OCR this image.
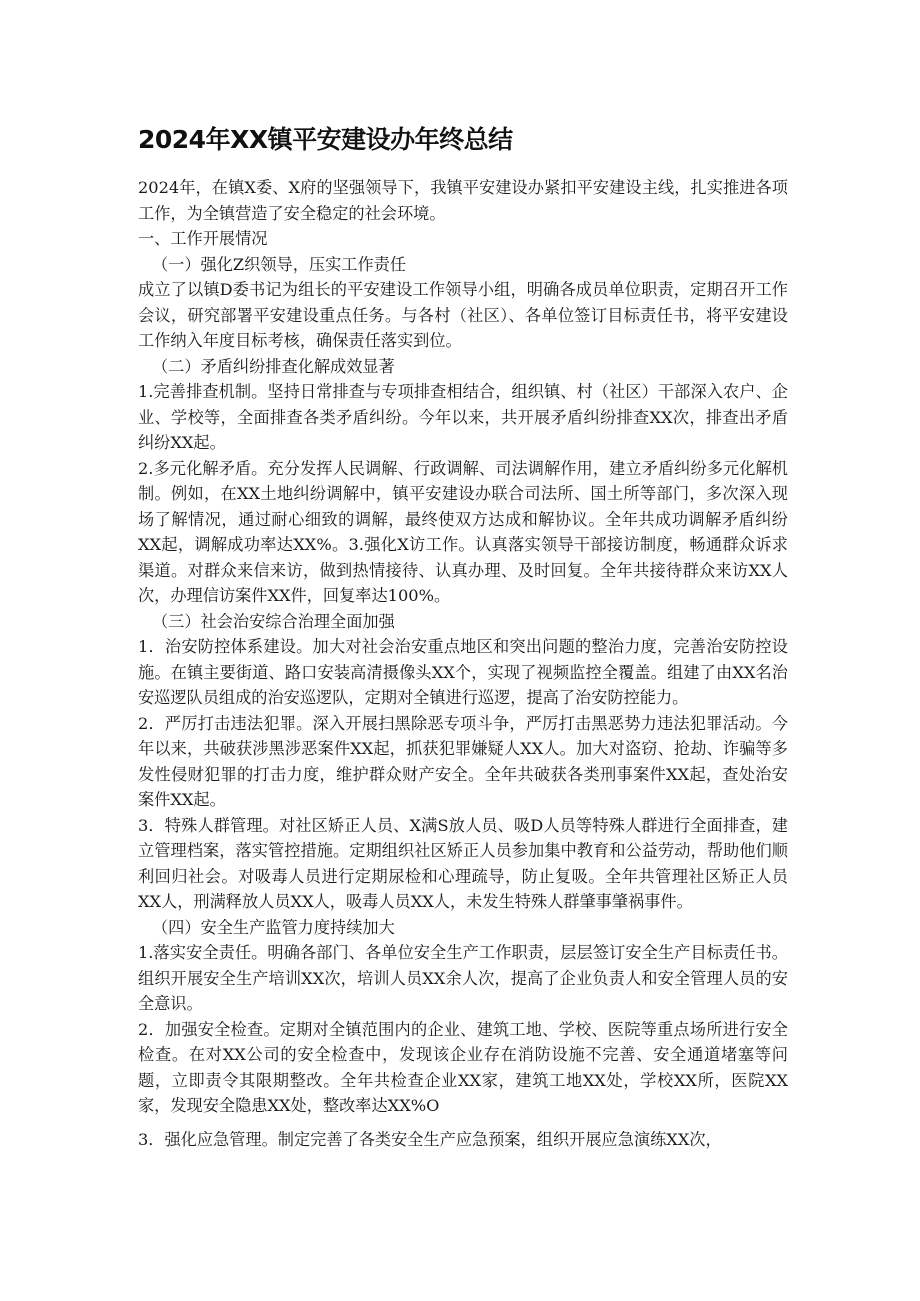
2024年XX镇平安建设办年终总结

2024年，在镇X委、X府的坚强领导下，我镇平安建设办紧扣平安建设主线，扎实推进各项工作，为全镇营造了安全稳定的社会环境。

一、工作开展情况

（一）强化Z织领导，压实工作责任

成立了以镇D委书记为组长的平安建设工作领导小组，明确各成员单位职责，定期召开工作会议，研究部署平安建设重点任务。与各村（社区）、各单位签订目标责任书，将平安建设工作纳入年度目标考核，确保责任落实到位。

（二）矛盾纠纷排查化解成效显著

1.完善排查机制。坚持日常排查与专项排查相结合，组织镇、村（社区）干部深入农户、企业、学校等，全面排查各类矛盾纠纷。今年以来，共开展矛盾纠纷排查XX次，排查出矛盾纠纷XX起。

2.多元化解矛盾。充分发挥人民调解、行政调解、司法调解作用，建立矛盾纠纷多元化解机制。例如，在XX土地纠纷调解中，镇平安建设办联合司法所、国土所等部门，多次深入现场了解情况，通过耐心细致的调解，最终使双方达成和解协议。全年共成功调解矛盾纠纷XX起，调解成功率达XX%。3.强化X访工作。认真落实领导干部接访制度，畅通群众诉求渠道。对群众来信来访，做到热情接待、认真办理、及时回复。全年共接待群众来访XX人次，办理信访案件XX件，回复率达100%。

（三）社会治安综合治理全面加强

1．治安防控体系建设。加大对社会治安重点地区和突出问题的整治力度，完善治安防控设施。在镇主要街道、路口安装高清摄像头XX个，实现了视频监控全覆盖。组建了由XX名治安巡逻队员组成的治安巡逻队，定期对全镇进行巡逻，提高了治安防控能力。

2．严厉打击违法犯罪。深入开展扫黑除恶专项斗争，严厉打击黑恶势力违法犯罪活动。今年以来，共破获涉黑涉恶案件XX起，抓获犯罪嫌疑人XX人。加大对盗窃、抢劫、诈骗等多发性侵财犯罪的打击力度，维护群众财产安全。全年共破获各类刑事案件XX起，查处治安案件XX起。

3．特殊人群管理。对社区矫正人员、X满S放人员、吸D人员等特殊人群进行全面排查，建立管理档案，落实管控措施。定期组织社区矫正人员参加集中教育和公益劳动，帮助他们顺利回归社会。对吸毒人员进行定期尿检和心理疏导，防止复吸。全年共管理社区矫正人员XX人，刑满释放人员XX人，吸毒人员XX人，未发生特殊人群肇事肇祸事件。

（四）安全生产监管力度持续加大

1.落实安全责任。明确各部门、各单位安全生产工作职责，层层签订安全生产目标责任书。组织开展安全生产培训XX次，培训人员XX余人次，提高了企业负责人和安全管理人员的安全意识。

2．加强安全检查。定期对全镇范围内的企业、建筑工地、学校、医院等重点场所进行安全检查。在对XX公司的安全检查中，发现该企业存在消防设施不完善、安全通道堵塞等问题，立即责令其限期整改。全年共检查企业XX家，建筑工地XX处，学校XX所，医院XX家，发现安全隐患XX处，整改率达XX%O

3．强化应急管理。制定完善了各类安全生产应急预案，组织开展应急演练XX次，
